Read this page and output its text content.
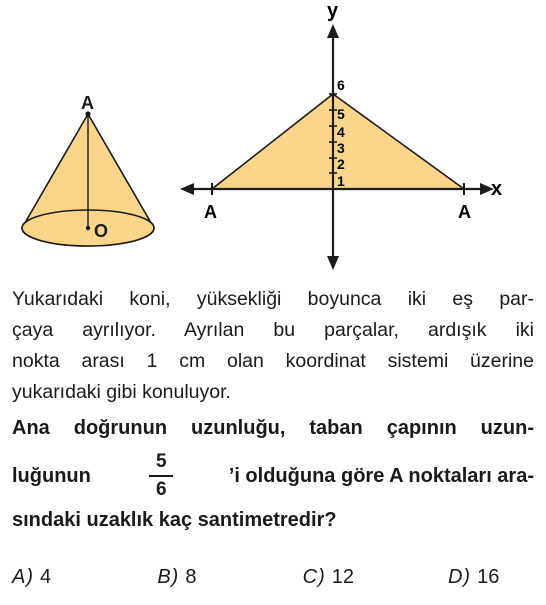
A
O
1
2
3
4
5
6
y
x
A	A

Yukarıdaki koni, yüksekliği boyunca iki eş par-
çaya ayrılıyor. Ayrılan bu parçalar, ardışık iki
nokta arası 1 cm olan koordinat sistemi üzerine
yukarıdaki gibi konuluyor.

Ana doğrunun uzunluğu, taban çapının uzun-
luğunun	$\frac{5}{6}$	’i olduğuna göre A noktaları ara-
sındaki uzaklık kaç santimetredir?
A) 4	B) 8	C) 12	D) 16
